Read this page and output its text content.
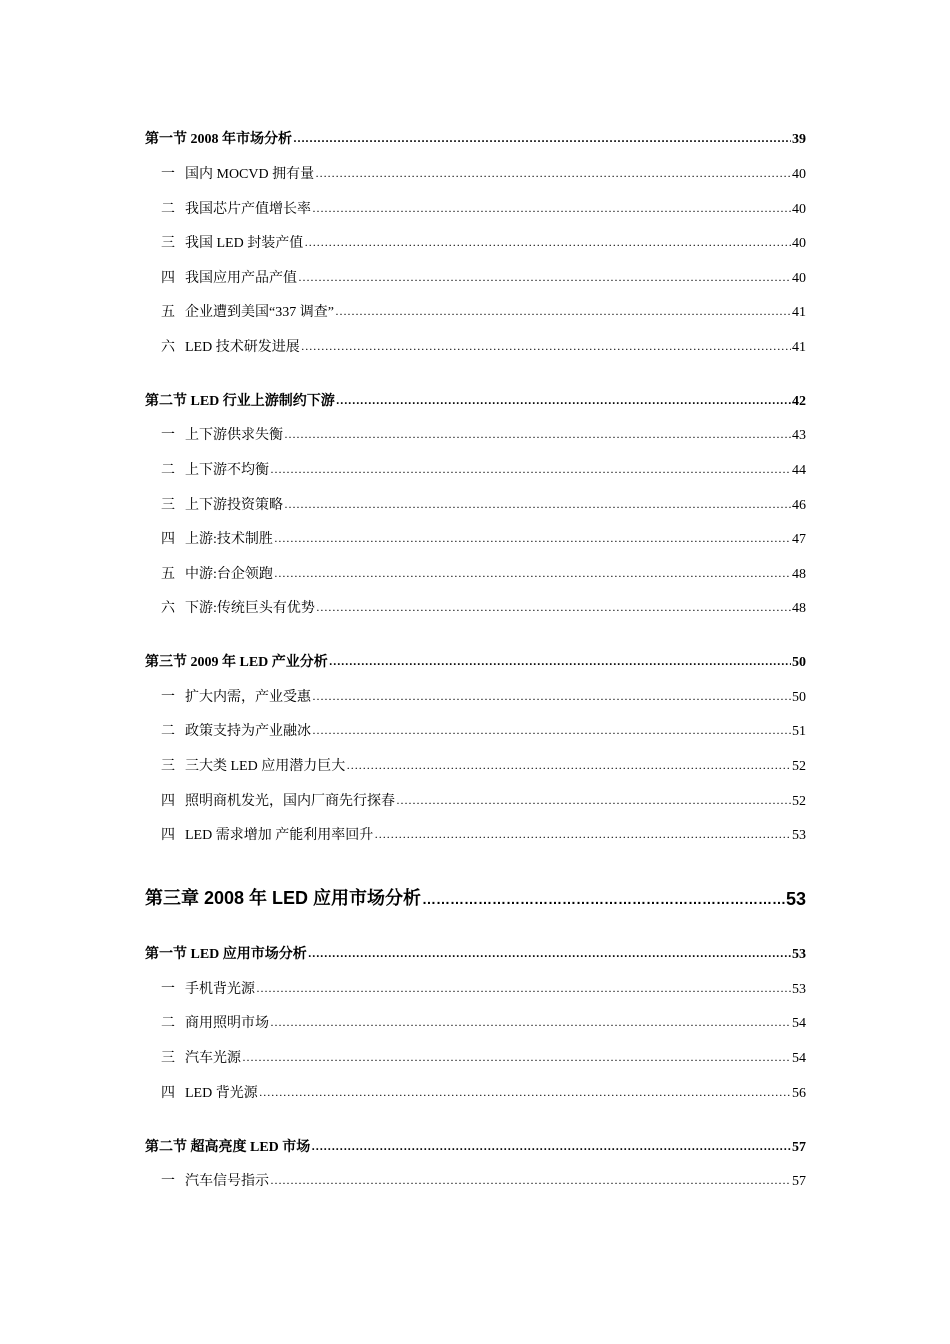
第一节 2008 年市场分析 ……………………………………………………………………………………………………………………………………………………………………………………………………………………………………………………………	39
一 国内 MOCVD 拥有量 ……………………………………………………………………………………………………………………………………………………………………………………………………………………………………………………………	40
二 我国芯片产值增长率 ……………………………………………………………………………………………………………………………………………………………………………………………………………………………………………………………	40
三 我国 LED 封装产值 ……………………………………………………………………………………………………………………………………………………………………………………………………………………………………………………………	40
四 我国应用产品产值 ……………………………………………………………………………………………………………………………………………………………………………………………………………………………………………………………	40
五 企业遭到美国“337 调查” ……………………………………………………………………………………………………………………………………………………………………………………………………………………………………………………………	41
六 LED 技术研发进展 ……………………………………………………………………………………………………………………………………………………………………………………………………………………………………………………………	41
第二节 LED 行业上游制约下游 ……………………………………………………………………………………………………………………………………………………………………………………………………………………………………………………………	42
一 上下游供求失衡 ……………………………………………………………………………………………………………………………………………………………………………………………………………………………………………………………	43
二 上下游不均衡 ……………………………………………………………………………………………………………………………………………………………………………………………………………………………………………………………	44
三 上下游投资策略 ……………………………………………………………………………………………………………………………………………………………………………………………………………………………………………………………	46
四 上游:技术制胜 ……………………………………………………………………………………………………………………………………………………………………………………………………………………………………………………………	47
五 中游:台企领跑 ……………………………………………………………………………………………………………………………………………………………………………………………………………………………………………………………	48
六 下游:传统巨头有优势 ……………………………………………………………………………………………………………………………………………………………………………………………………………………………………………………………	48
第三节 2009 年 LED 产业分析 ……………………………………………………………………………………………………………………………………………………………………………………………………………………………………………………………	50
一 扩大内需，产业受惠 ……………………………………………………………………………………………………………………………………………………………………………………………………………………………………………………………	50
二 政策支持为产业融冰 ……………………………………………………………………………………………………………………………………………………………………………………………………………………………………………………………	51
三 三大类 LED 应用潜力巨大 ……………………………………………………………………………………………………………………………………………………………………………………………………………………………………………………………	52
四 照明商机发光，国内厂商先行探春 ……………………………………………………………………………………………………………………………………………………………………………………………………………………………………………………………	52
四 LED 需求增加 产能利用率回升 ……………………………………………………………………………………………………………………………………………………………………………………………………………………………………………………………	53
第三章 2008 年 LED 应用市场分析 ……………………………………………………………………………………………………………………………………………………………………………………………………………………………………………………………	53
第一节 LED 应用市场分析 ……………………………………………………………………………………………………………………………………………………………………………………………………………………………………………………………	53
一 手机背光源 ……………………………………………………………………………………………………………………………………………………………………………………………………………………………………………………………	53
二 商用照明市场 ……………………………………………………………………………………………………………………………………………………………………………………………………………………………………………………………	54
三 汽车光源 ……………………………………………………………………………………………………………………………………………………………………………………………………………………………………………………………	54
四 LED 背光源 ……………………………………………………………………………………………………………………………………………………………………………………………………………………………………………………………	56
第二节 超高亮度 LED 市场 ……………………………………………………………………………………………………………………………………………………………………………………………………………………………………………………………	57
一 汽车信号指示 ……………………………………………………………………………………………………………………………………………………………………………………………………………………………………………………………	57
